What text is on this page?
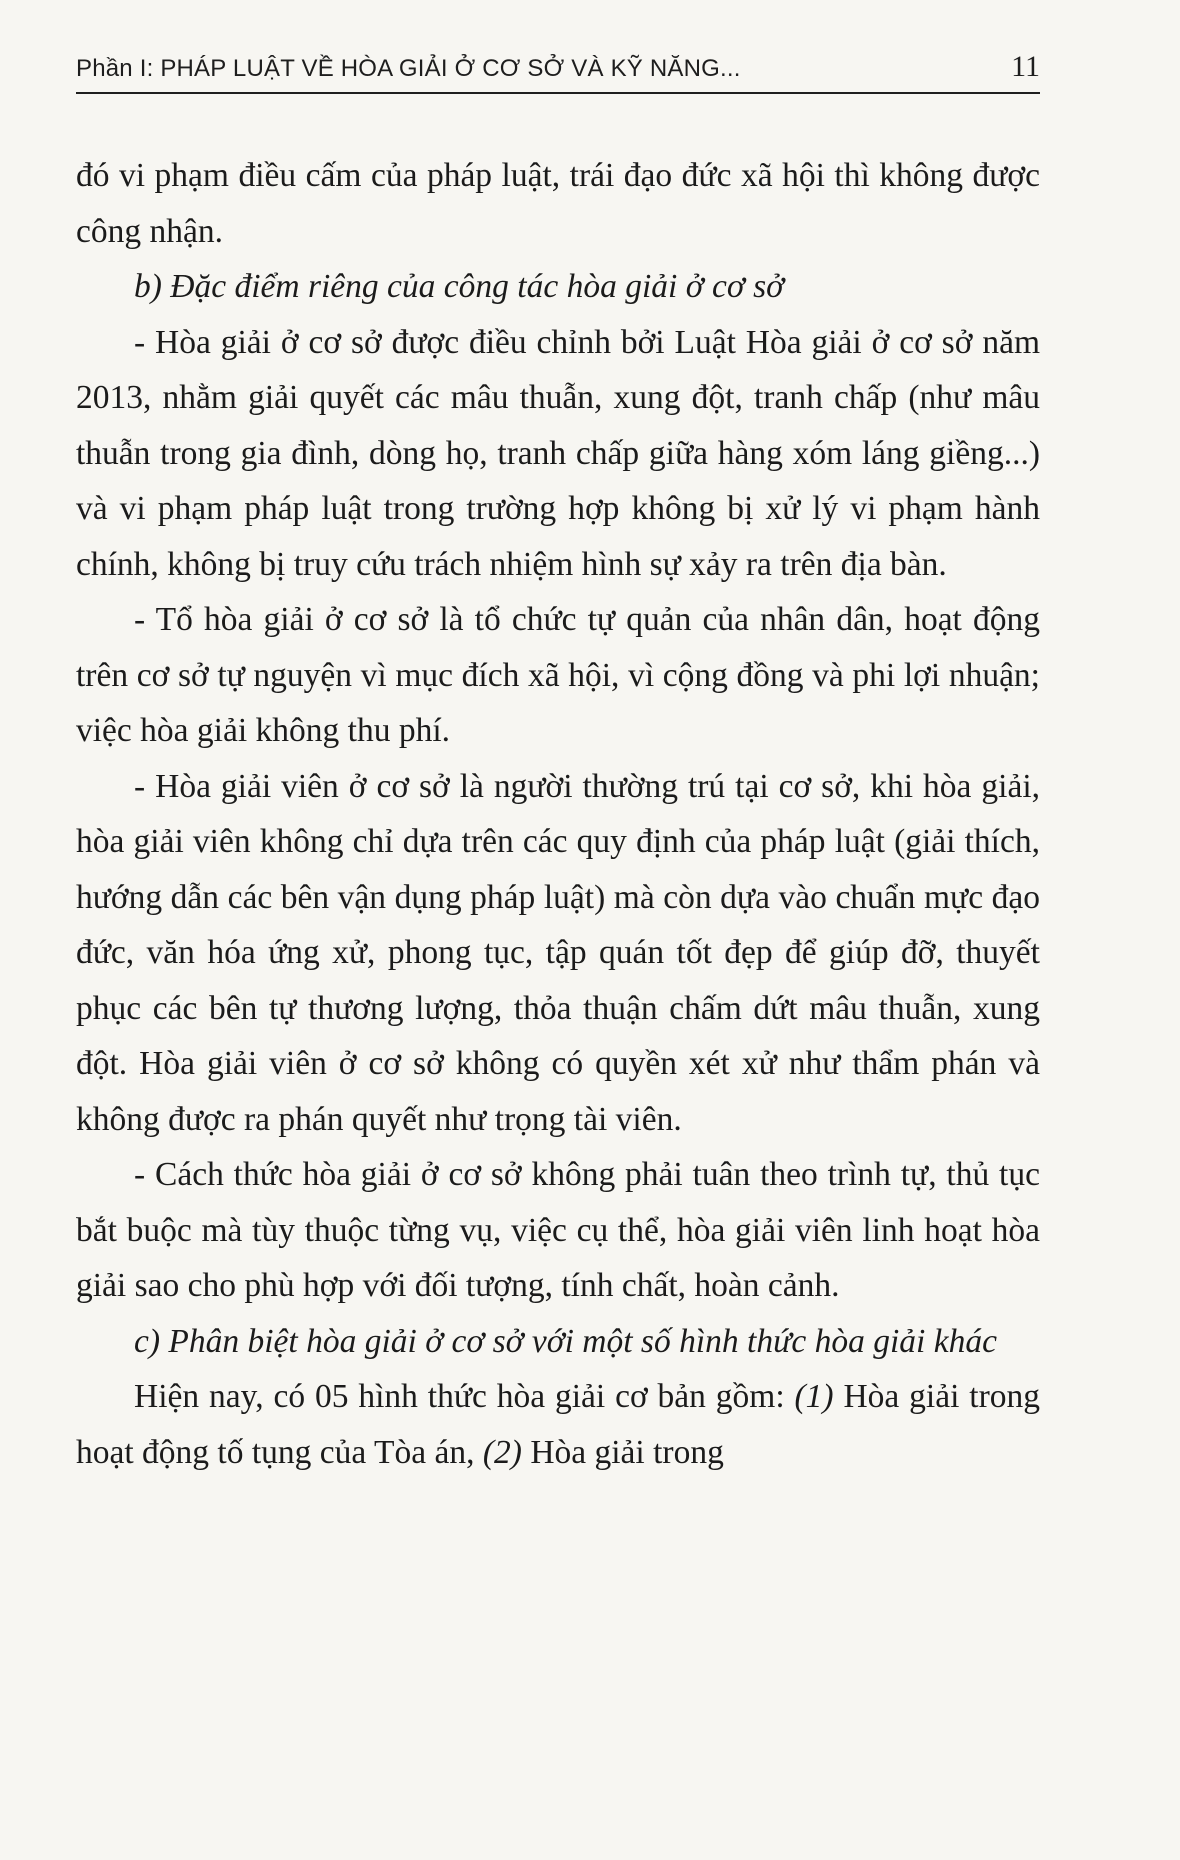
Phần I: PHÁP LUẬT VỀ HÒA GIẢI Ở CƠ SỞ VÀ KỸ NĂNG...	11

đó vi phạm điều cấm của pháp luật, trái đạo đức xã hội thì không được công nhận.

b) Đặc điểm riêng của công tác hòa giải ở cơ sở

- Hòa giải ở cơ sở được điều chỉnh bởi Luật Hòa giải ở cơ sở năm 2013, nhằm giải quyết các mâu thuẫn, xung đột, tranh chấp (như mâu thuẫn trong gia đình, dòng họ, tranh chấp giữa hàng xóm láng giềng...) và vi phạm pháp luật trong trường hợp không bị xử lý vi phạm hành chính, không bị truy cứu trách nhiệm hình sự xảy ra trên địa bàn.

- Tổ hòa giải ở cơ sở là tổ chức tự quản của nhân dân, hoạt động trên cơ sở tự nguyện vì mục đích xã hội, vì cộng đồng và phi lợi nhuận; việc hòa giải không thu phí.

- Hòa giải viên ở cơ sở là người thường trú tại cơ sở, khi hòa giải, hòa giải viên không chỉ dựa trên các quy định của pháp luật (giải thích, hướng dẫn các bên vận dụng pháp luật) mà còn dựa vào chuẩn mực đạo đức, văn hóa ứng xử, phong tục, tập quán tốt đẹp để giúp đỡ, thuyết phục các bên tự thương lượng, thỏa thuận chấm dứt mâu thuẫn, xung đột. Hòa giải viên ở cơ sở không có quyền xét xử như thẩm phán và không được ra phán quyết như trọng tài viên.

- Cách thức hòa giải ở cơ sở không phải tuân theo trình tự, thủ tục bắt buộc mà tùy thuộc từng vụ, việc cụ thể, hòa giải viên linh hoạt hòa giải sao cho phù hợp với đối tượng, tính chất, hoàn cảnh.

c) Phân biệt hòa giải ở cơ sở với một số hình thức hòa giải khác

Hiện nay, có 05 hình thức hòa giải cơ bản gồm: (1) Hòa giải trong hoạt động tố tụng của Tòa án, (2) Hòa giải trong
